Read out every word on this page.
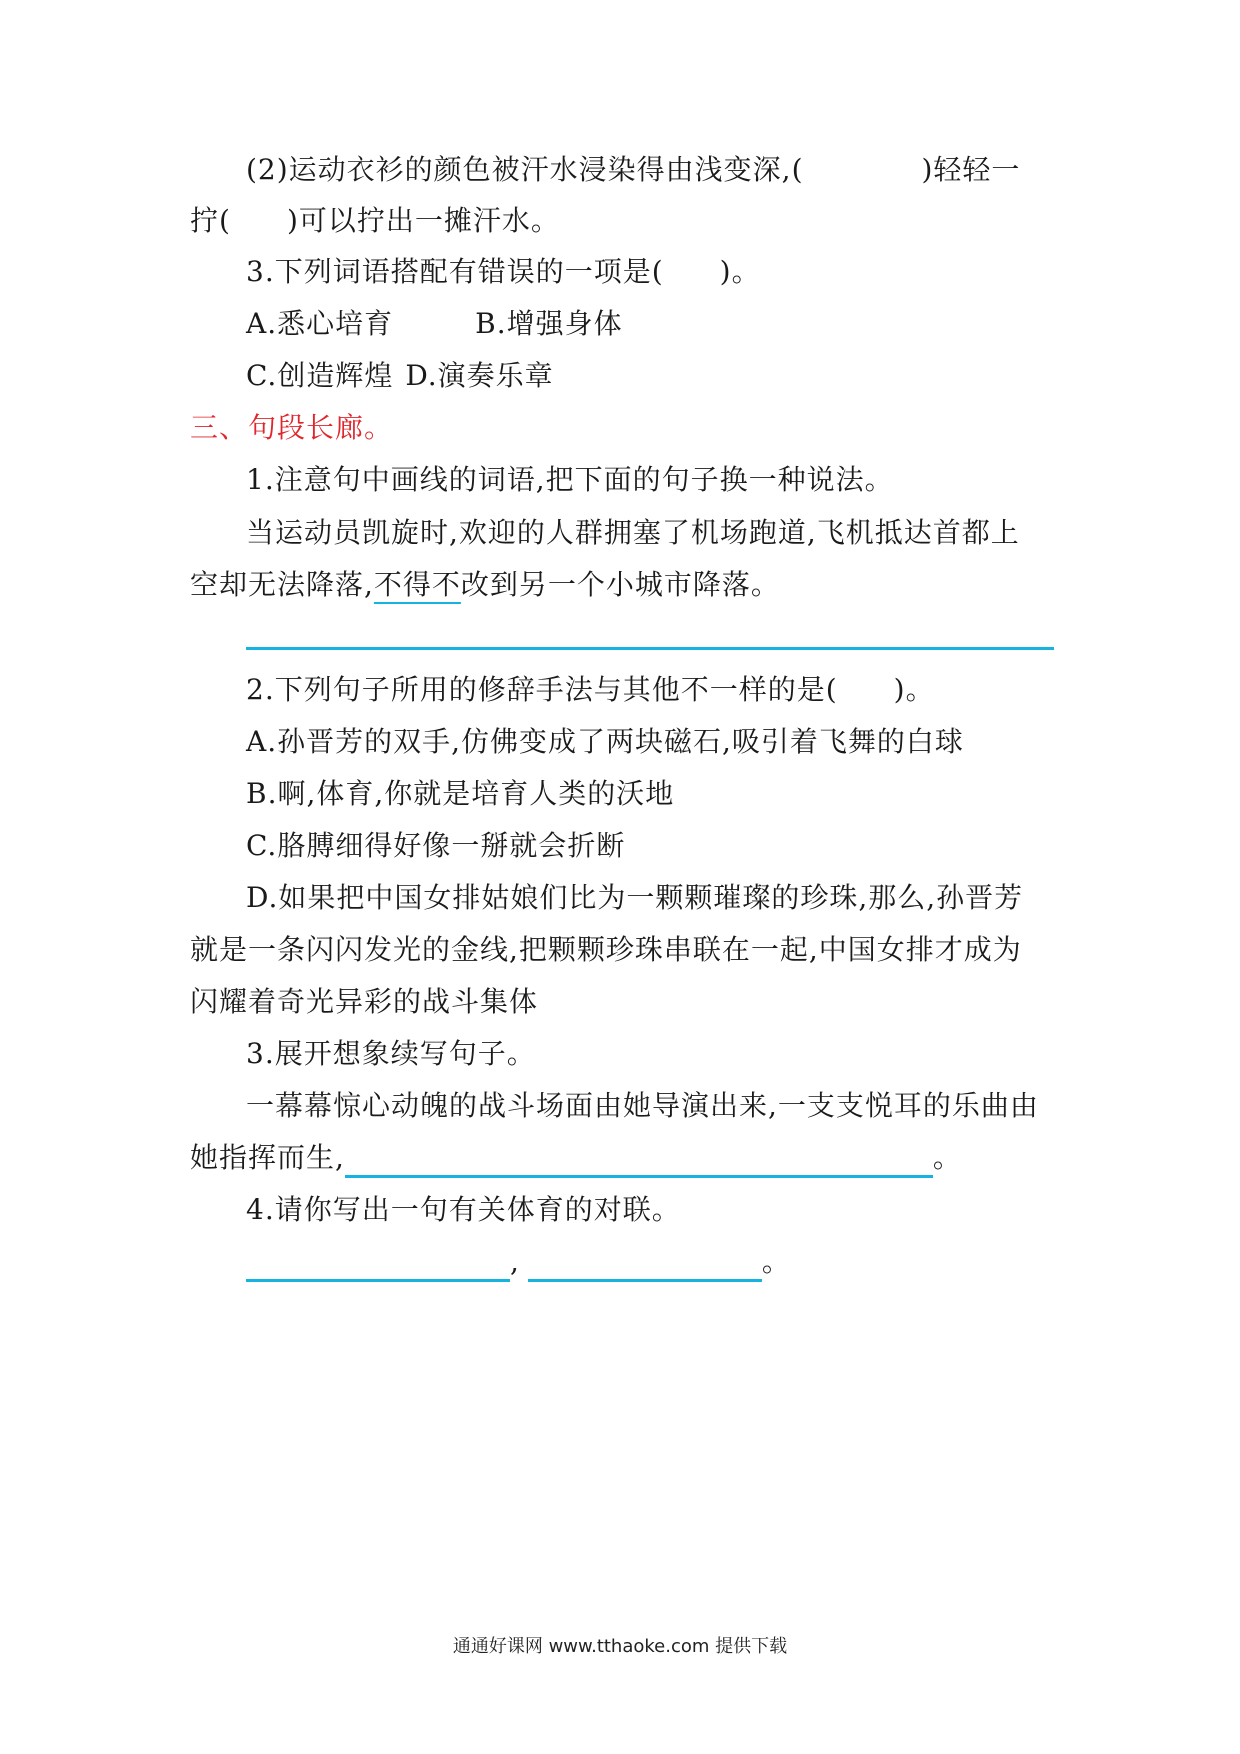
(2)运动衣衫的颜色被汗水浸染得由浅变深,(	)轻轻一
拧( )可以拧出一摊汗水。
3.下列词语搭配有错误的一项是( )。
A.悉心培育	B.增强身体
C.创造辉煌 D.演奏乐章
三、句段长廊。
1.注意句中画线的词语,把下面的句子换一种说法。
当运动员凯旋时,欢迎的人群拥塞了机场跑道,飞机抵达首都上
空却无法降落,不得不改到另一个小城市降落。
2.下列句子所用的修辞手法与其他不一样的是( )。
A.孙晋芳的双手,仿佛变成了两块磁石,吸引着飞舞的白球
B.啊,体育,你就是培育人类的沃地
C.胳膊细得好像一掰就会折断
D.如果把中国女排姑娘们比为一颗颗璀璨的珍珠,那么,孙晋芳
就是一条闪闪发光的金线,把颗颗珍珠串联在一起,中国女排才成为
闪耀着奇光异彩的战斗集体
3.展开想象续写句子。
一幕幕惊心动魄的战斗场面由她导演出来,一支支悦耳的乐曲由
她指挥而生,	。
4.请你写出一句有关体育的对联。
,	。
通通好课网 www.tthaoke.com 提供下载
